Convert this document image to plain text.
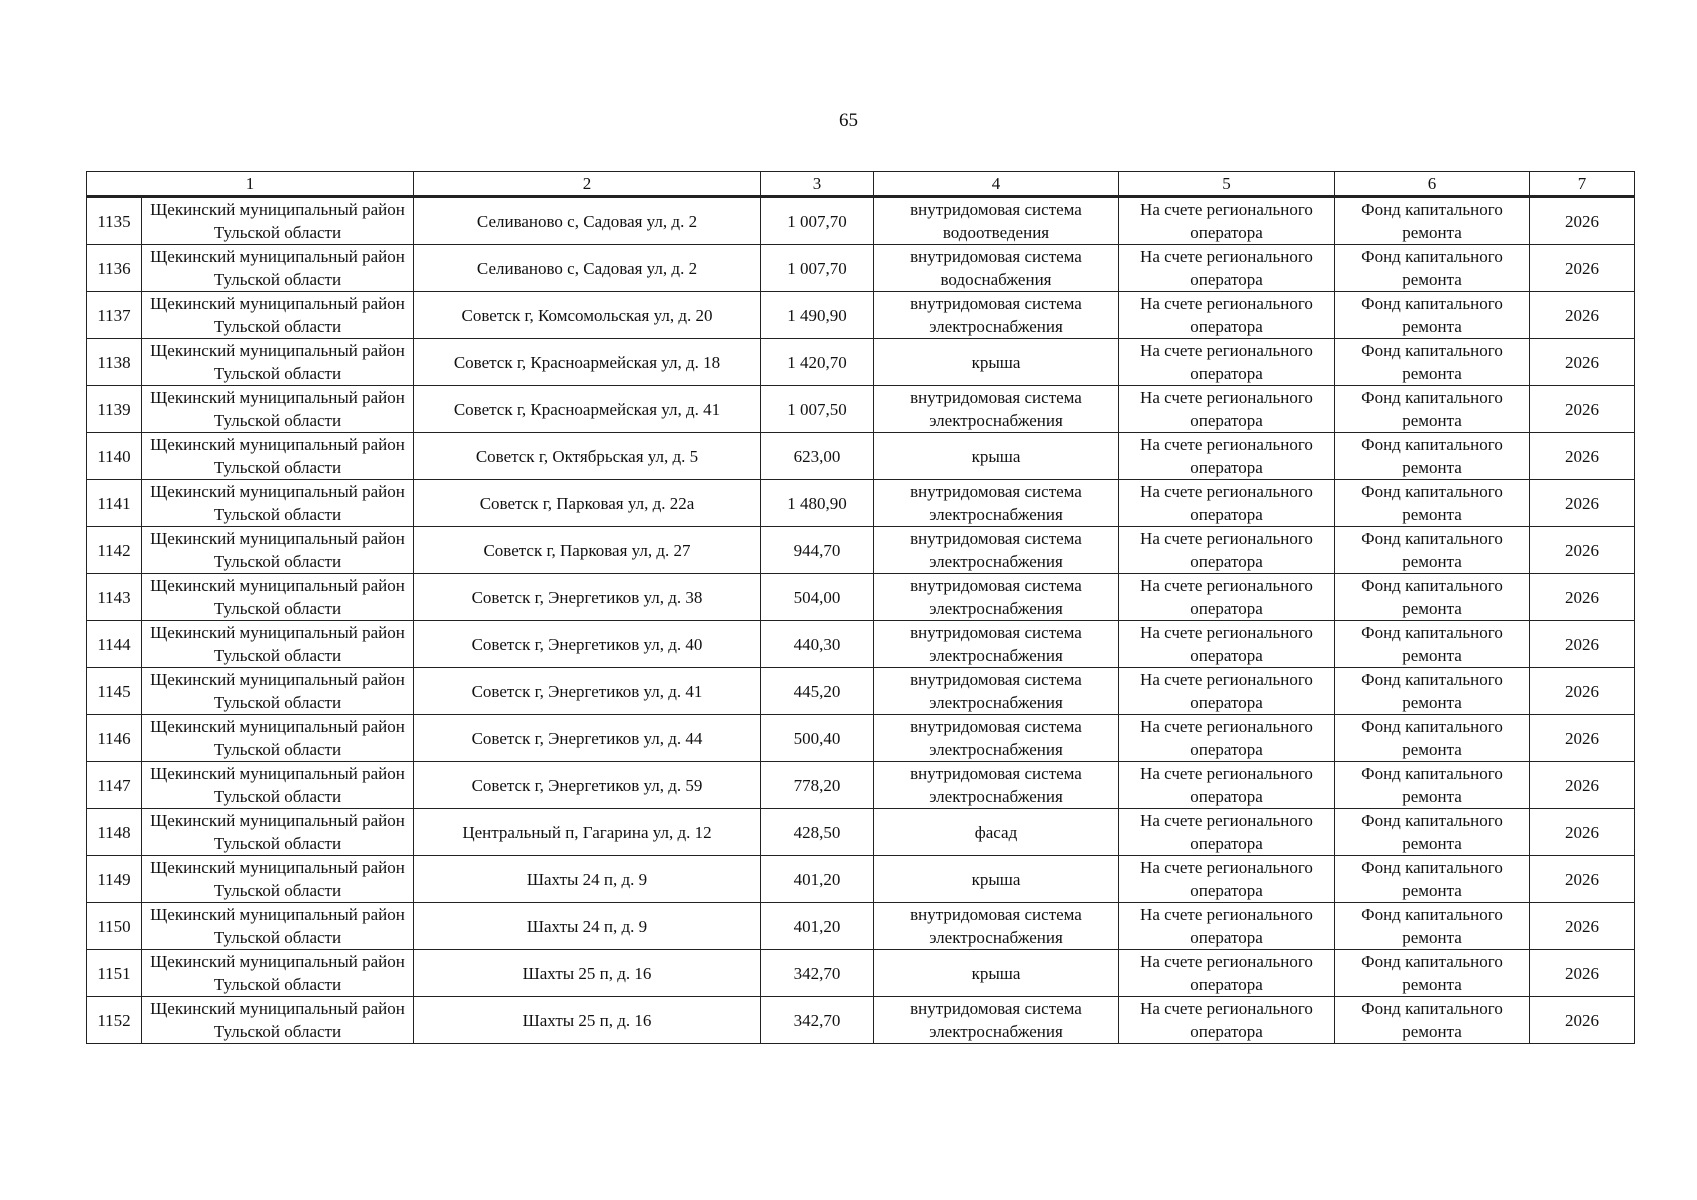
65
1		2	3	4	5	6	7
1135	Щекинский муниципальный район Тульской области	Селиваново с, Садовая ул, д. 2	1 007,70	внутридомовая система водоотведения	На счете регионального оператора	Фонд капитального ремонта	2026
1136	Щекинский муниципальный район Тульской области	Селиваново с, Садовая ул, д. 2	1 007,70	внутридомовая система водоснабжения	На счете регионального оператора	Фонд капитального ремонта	2026
1137	Щекинский муниципальный район Тульской области	Советск г, Комсомольская ул, д. 20	1 490,90	внутридомовая система электроснабжения	На счете регионального оператора	Фонд капитального ремонта	2026
1138	Щекинский муниципальный район Тульской области	Советск г, Красноармейская ул, д. 18	1 420,70	крыша	На счете регионального оператора	Фонд капитального ремонта	2026
1139	Щекинский муниципальный район Тульской области	Советск г, Красноармейская ул, д. 41	1 007,50	внутридомовая система электроснабжения	На счете регионального оператора	Фонд капитального ремонта	2026
1140	Щекинский муниципальный район Тульской области	Советск г, Октябрьская ул, д. 5	623,00	крыша	На счете регионального оператора	Фонд капитального ремонта	2026
1141	Щекинский муниципальный район Тульской области	Советск г, Парковая ул, д. 22а	1 480,90	внутридомовая система электроснабжения	На счете регионального оператора	Фонд капитального ремонта	2026
1142	Щекинский муниципальный район Тульской области	Советск г, Парковая ул, д. 27	944,70	внутридомовая система электроснабжения	На счете регионального оператора	Фонд капитального ремонта	2026
1143	Щекинский муниципальный район Тульской области	Советск г, Энергетиков ул, д. 38	504,00	внутридомовая система электроснабжения	На счете регионального оператора	Фонд капитального ремонта	2026
1144	Щекинский муниципальный район Тульской области	Советск г, Энергетиков ул, д. 40	440,30	внутридомовая система электроснабжения	На счете регионального оператора	Фонд капитального ремонта	2026
1145	Щекинский муниципальный район Тульской области	Советск г, Энергетиков ул, д. 41	445,20	внутридомовая система электроснабжения	На счете регионального оператора	Фонд капитального ремонта	2026
1146	Щекинский муниципальный район Тульской области	Советск г, Энергетиков ул, д. 44	500,40	внутридомовая система электроснабжения	На счете регионального оператора	Фонд капитального ремонта	2026
1147	Щекинский муниципальный район Тульской области	Советск г, Энергетиков ул, д. 59	778,20	внутридомовая система электроснабжения	На счете регионального оператора	Фонд капитального ремонта	2026
1148	Щекинский муниципальный район Тульской области	Центральный п, Гагарина ул, д. 12	428,50	фасад	На счете регионального оператора	Фонд капитального ремонта	2026
1149	Щекинский муниципальный район Тульской области	Шахты 24 п, д. 9	401,20	крыша	На счете регионального оператора	Фонд капитального ремонта	2026
1150	Щекинский муниципальный район Тульской области	Шахты 24 п, д. 9	401,20	внутридомовая система электроснабжения	На счете регионального оператора	Фонд капитального ремонта	2026
1151	Щекинский муниципальный район Тульской области	Шахты 25 п, д. 16	342,70	крыша	На счете регионального оператора	Фонд капитального ремонта	2026
1152	Щекинский муниципальный район Тульской области	Шахты 25 п, д. 16	342,70	внутридомовая система электроснабжения	На счете регионального оператора	Фонд капитального ремонта	2026
